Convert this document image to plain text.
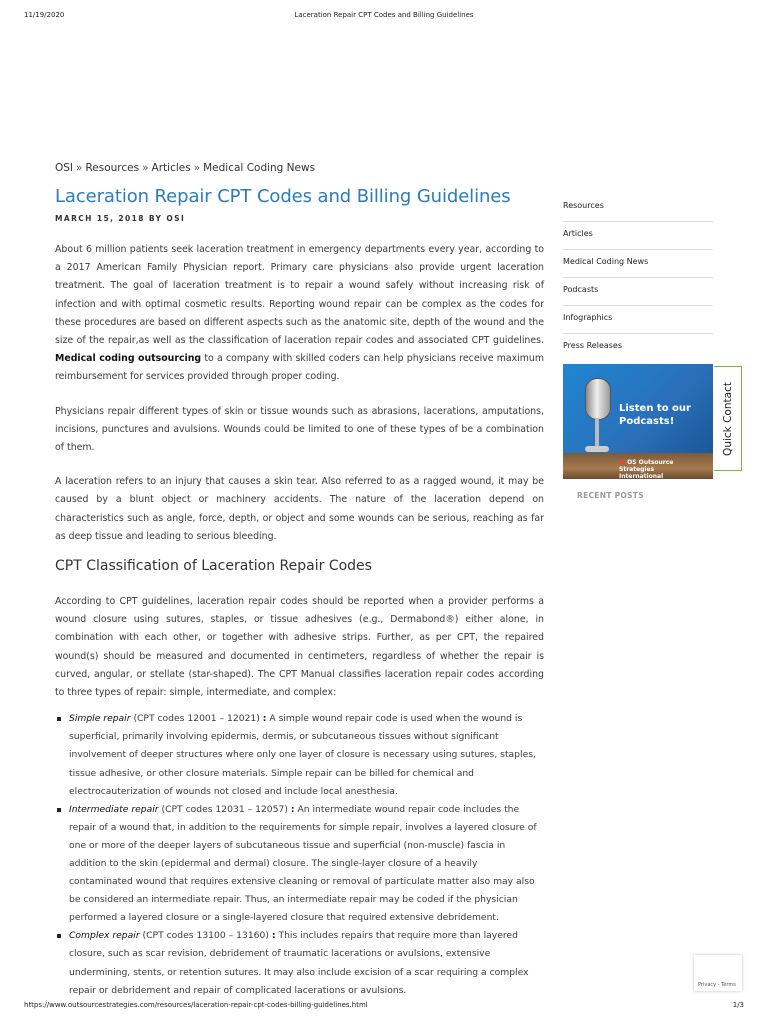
11/19/2020	Laceration Repair CPT Codes and Billing Guidelines
OSI » Resources » Articles » Medical Coding News
Laceration Repair CPT Codes and Billing Guidelines
MARCH 15, 2018 BY OSI

About 6 million patients seek laceration treatment in emergency departments every year, according to a 2017 American Family Physician report. Primary care physicians also provide urgent laceration treatment. The goal of laceration treatment is to repair a wound safely without increasing risk of infection and with optimal cosmetic results. Reporting wound repair can be complex as the codes for these procedures are based on different aspects such as the anatomic site, depth of the wound and the size of the repair,as well as the classification of laceration repair codes and associated CPT guidelines. Medical coding outsourcing to a company with skilled coders can help physicians receive maximum reimbursement for services provided through proper coding.

Physicians repair different types of skin or tissue wounds such as abrasions, lacerations, amputations, incisions, punctures and avulsions. Wounds could be limited to one of these types of be a combination of them.

A laceration refers to an injury that causes a skin tear. Also referred to as a ragged wound, it may be caused by a blunt object or machinery accidents. The nature of the laceration depend on characteristics such as angle, force, depth, or object and some wounds can be serious, reaching as far as deep tissue and leading to serious bleeding.

CPT Classification of Laceration Repair Codes

According to CPT guidelines, laceration repair codes should be reported when a provider performs a wound closure using sutures, staples, or tissue adhesives (e.g., Dermabond®) either alone, in combination with each other, or together with adhesive strips. Further, as per CPT, the repaired wound(s) should be measured and documented in centimeters, regardless of whether the repair is curved, angular, or stellate (star-shaped). The CPT Manual classifies laceration repair codes according to three types of repair: simple, intermediate, and complex:

Simple repair (CPT codes 12001 – 12021) : A simple wound repair code is used when the wound is superficial, primarily involving epidermis, dermis, or subcutaneous tissues without significant involvement of deeper structures where only one layer of closure is necessary using sutures, staples, tissue adhesive, or other closure materials. Simple repair can be billed for chemical and electrocauterization of wounds not closed and include local anesthesia.
Intermediate repair (CPT codes 12031 – 12057) : An intermediate wound repair code includes the repair of a wound that, in addition to the requirements for simple repair, involves a layered closure of one or more of the deeper layers of subcutaneous tissue and superficial (non-muscle) fascia in addition to the skin (epidermal and dermal) closure. The single-layer closure of a heavily contaminated wound that requires extensive cleaning or removal of particulate matter also may also be considered an intermediate repair. Thus, an intermediate repair may be coded if the physician performed a layered closure or a single-layered closure that required extensive debridement.
Complex repair (CPT codes 13100 – 13160) : This includes repairs that require more than layered closure, such as scar revision, debridement of traumatic lacerations or avulsions, extensive undermining, stents, or retention sutures. It may also include excision of a scar requiring a complex repair or debridement and repair of complicated lacerations or avulsions.
Resources
Articles
Medical Coding News
Podcasts
Infographics
Press Releases
Listen to our Podcasts!
M OS Outsource Strategies International
RECENT POSTS
Quick Contact
Privacy - Terms
https://www.outsourcestrategies.com/resources/laceration-repair-cpt-codes-billing-guidelines.html	1/3
